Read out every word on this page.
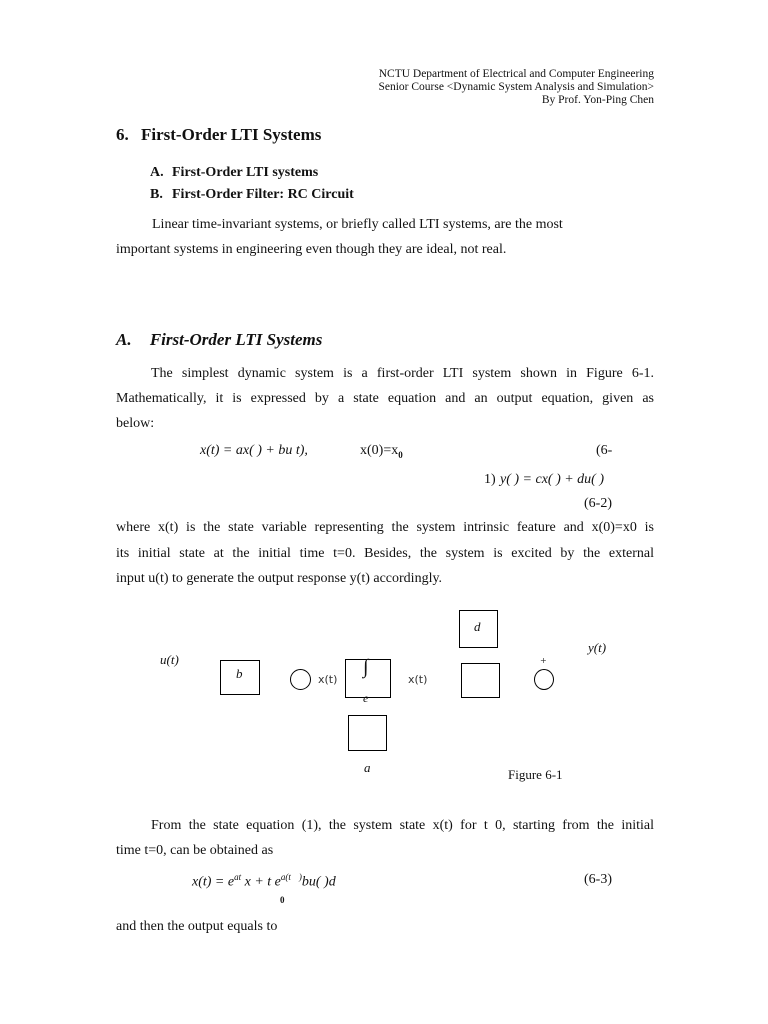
NCTU Department of Electrical and Computer Engineering
Senior Course <Dynamic System Analysis and Simulation>
By Prof. Yon-Ping Chen
6. First-Order LTI Systems
A. First-Order LTI systems
B. First-Order Filter: RC Circuit
Linear time-invariant systems, or briefly called LTI systems, are the most
important systems in engineering even though they are ideal, not real.
A. First-Order LTI Systems
The simplest dynamic system is a first-order LTI system shown in Figure 6-1.
Mathematically, it is expressed by a state equation and an output equation, given as
below:
x(t) = ax( ) + bu t),	$x(0)=x_0$	(6-
1) y( ) = cx( ) + du( )
(6-2)
where x(t) is the state variable representing the system intrinsic feature and x(0)=x0 is
its initial state at the initial time t=0. Besides, the system is excited by the external
input u(t) to generate the output response y(t) accordingly.
u(t)
y(t)
b	x(t)
∫
e
x(t)
d
+
a	Figure 6-1
From the state equation (1), the system state x(t) for t 0, starting from the initial
time t=0, can be obtained as
$x(t) = e^{at}$ x + t $e^{a(t}$ )bu( )d
0
(6-3)
and then the output equals to
